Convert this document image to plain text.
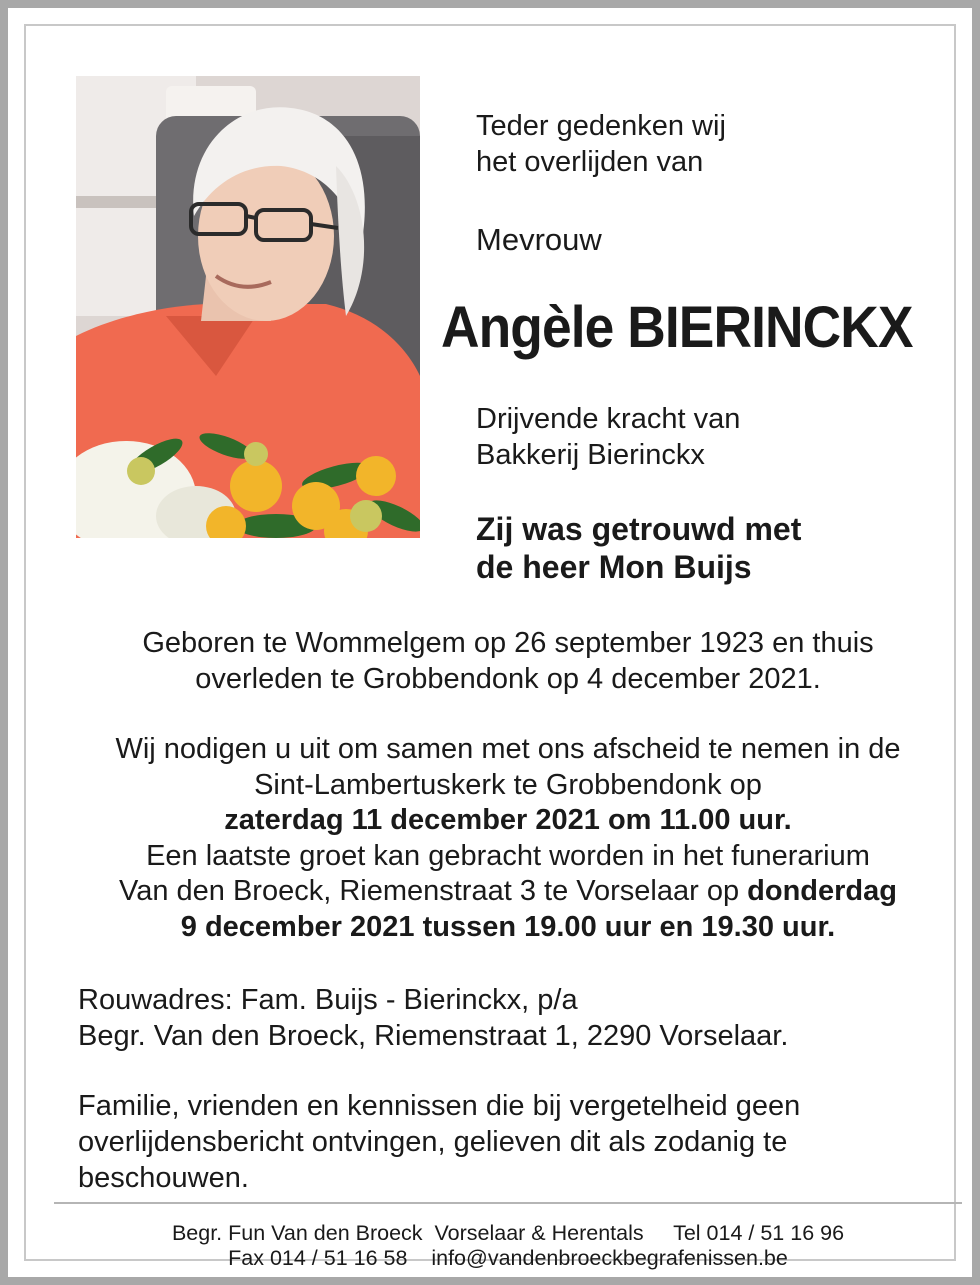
Teder gedenken wij

het overlijden van

Mevrouw

Angèle BIERINCKX

Drijvende kracht van
Bakkerij Bierinckx
Zij was getrouwd met
de heer Mon Buijs
Geboren te Wommelgem op 26 september 1923 en thuis
overleden te Grobbendonk op 4 december 2021.
Wij nodigen u uit om samen met ons afscheid te nemen in de
Sint-Lambertuskerk te Grobbendonk op
zaterdag 11 december 2021 om 11.00 uur.
Een laatste groet kan gebracht worden in het funerarium
Van den Broeck, Riemenstraat 3 te Vorselaar op donderdag
9 december 2021 tussen 19.00 uur en 19.30 uur.
Rouwadres: Fam. Buijs - Bierinckx, p/a
Begr. Van den Broeck, Riemenstraat 1, 2290 Vorselaar.
Familie, vrienden en kennissen die bij vergetelheid geen
overlijdensbericht ontvingen, gelieven dit als zodanig te
beschouwen.

Begr. Fun Van den Broeck  Vorselaar & Herentals     Tel 014 / 51 16 96

Fax 014 / 51 16 58    info@vandenbroeckbegrafenissen.be
